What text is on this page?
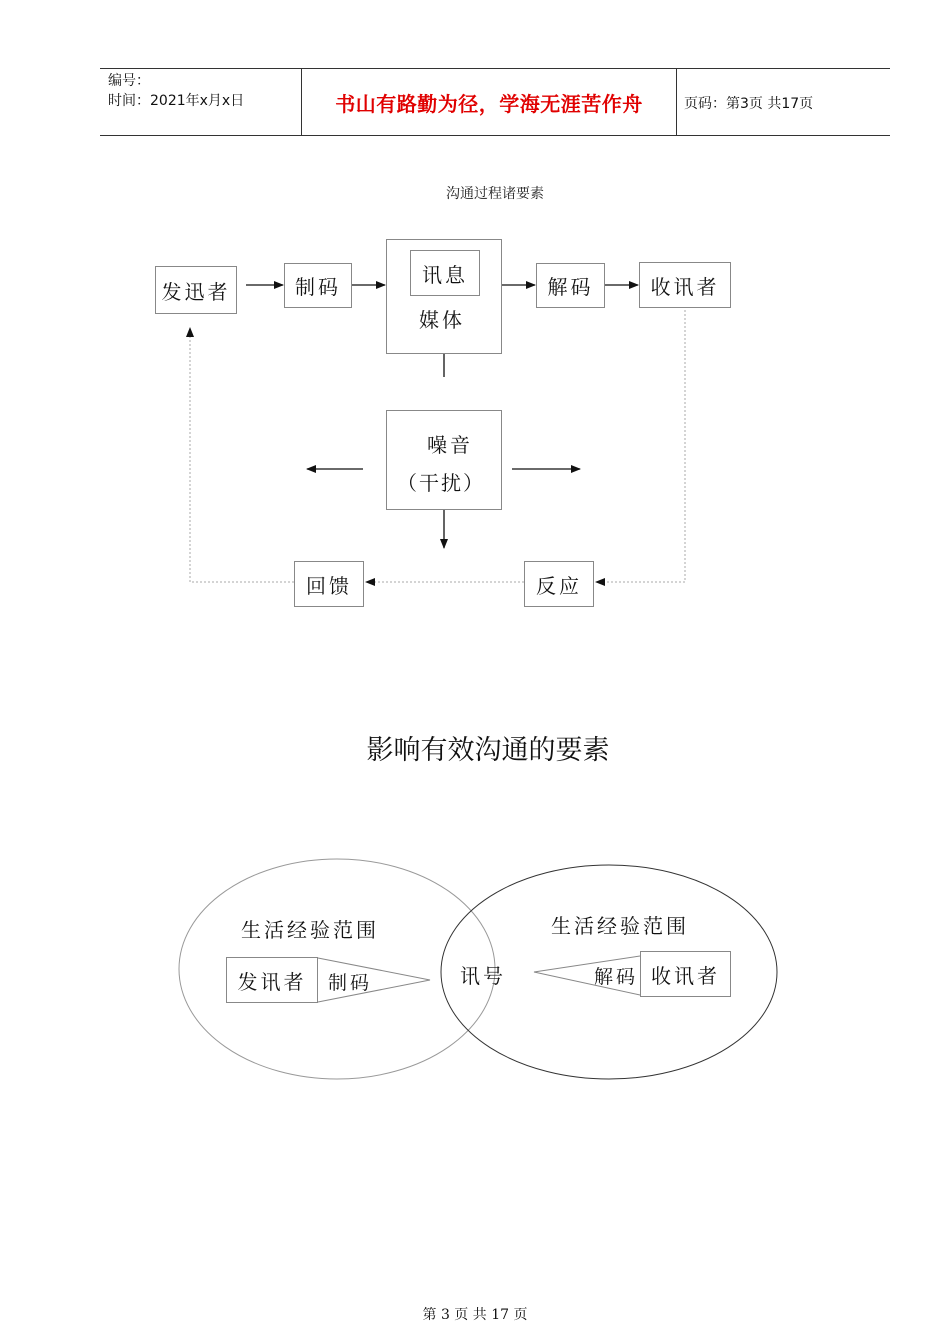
编号：
时间：2021年x月x日	书山有路勤为径，学海无涯苦作舟	页码：第3页 共17页
沟通过程诸要素
发迅者	制码
讯息
媒体
解码	收讯者
噪音
（干扰）
回馈	反应
影响有效沟通的要素
生活经验范围	生活经验范围
发讯者	制码	讯号	解码 收讯者
第 3 页 共 17 页
